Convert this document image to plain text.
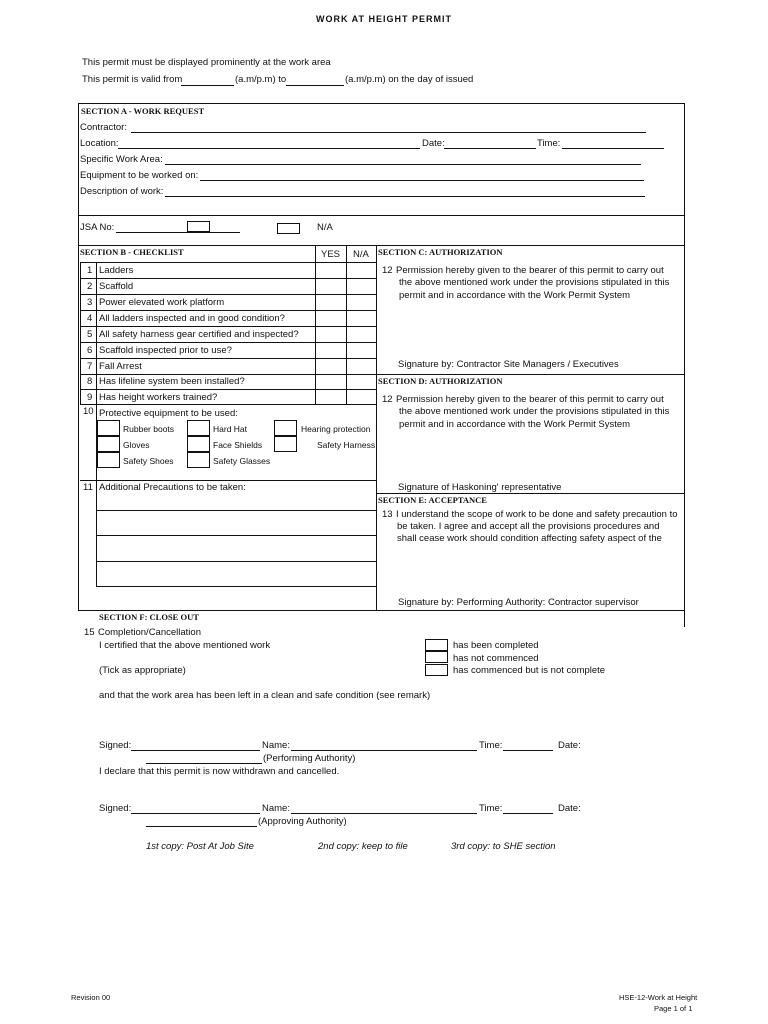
WORK AT HEIGHT PERMIT
This permit must be displayed prominently at the work area
This permit is valid from	(a.m/p.m) to	(a.m/p.m) on the day of issued
SECTION A - WORK REQUEST
Contractor:
Location:	Date:	Time:
Specific Work Area:
Equipment to be worked on:
Description of work:
JSA No:	N/A
SECTION B - CHECKLIST	YES N/A
1 Ladders
2 Scaffold
3 Power elevated work platform
4 All ladders inspected and in good condition?
5 All safety harness gear certified and inspected?
6 Scaffold inspected prior to use?
7 Fall Arrest
8 Has lifeline system been installed?
9 Has height workers trained?
10 Protective equipment to be used:
Rubber boots	Hard Hat	Hearing protection
Gloves	Face Shields	Safety Harness
Safety Shoes	Safety Glasses
11 Additional Precautions to be taken:
SECTION C: AUTHORIZATION
12 Permission hereby given to the bearer of this permit to carry out
the above mentioned work under the provisions stipulated in this
permit and in accordance with the Work Permit System
Signature by: Contractor Site Managers / Executives
SECTION D: AUTHORIZATION
12 Permission hereby given to the bearer of this permit to carry out
the above mentioned work under the provisions stipulated in this
permit and in accordance with the Work Permit System
Signature of Haskoning' representative
SECTION E: ACCEPTANCE
13 I understand the scope of work to be done and safety precaution to
be taken. I agree and accept all the provisions procedures and
shall cease work should condition affecting safety aspect of the
Signature by: Performing Authority: Contractor supervisor
SECTION F: CLOSE OUT
15 Completion/Cancellation
I certified that the above mentioned work
(Tick as appropriate)
has been completed
has not commenced
has commenced but is not complete
and that the work area has been left in a clean and safe condition (see remark)
Signed:	Name:	Time:	Date:
(Performing Authority)
I declare that this permit is now withdrawn and cancelled.
Signed:	Name:	Time:	Date:
(Approving Authority)
1st copy: Post At Job Site	2nd copy: keep to file	3rd copy: to SHE section
Revision 00	HSE-12-Work at Height
Page 1 of 1
